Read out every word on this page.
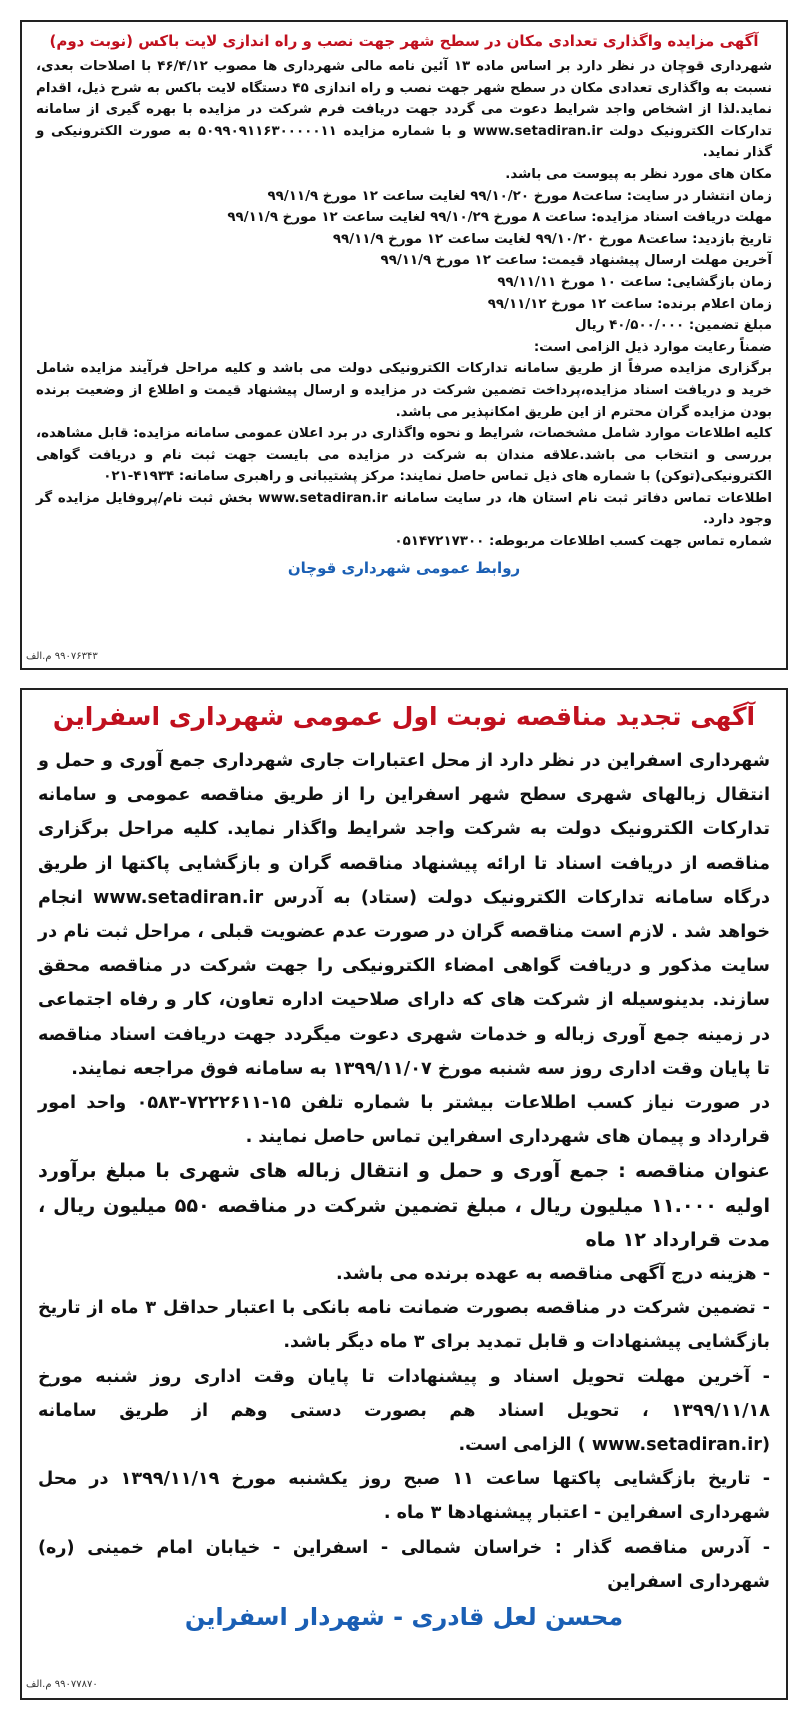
آگهی مزایده واگذاری تعدادی مکان در سطح شهر جهت نصب و راه اندازی لایت باکس (نوبت دوم)

شهرداری قوچان در نظر دارد بر اساس ماده ۱۳ آئین نامه مالی شهرداری ها مصوب ۴۶/۴/۱۲ با اصلاحات بعدی، نسبت به واگذاری تعدادی مکان در سطح شهر جهت نصب و راه اندازی ۴۵ دستگاه لایت باکس به شرح ذیل، اقدام نماید.لذا از اشخاص واجد شرایط دعوت می گردد جهت دریافت فرم شرکت در مزایده با بهره گیری از سامانه تدارکات الکترونیک دولت www.setadiran.ir و با شماره مزایده ۵۰۹۹۰۹۱۱۶۳۰۰۰۰۰۱۱ به صورت الکترونیکی و گذار نماید.

مکان های مورد نظر به پیوست می باشد.

زمان انتشار در سایت: ساعت۸ مورخ ۹۹/۱۰/۲۰ لغایت ساعت ۱۲ مورخ ۹۹/۱۱/۹

مهلت دریافت اسناد مزایده: ساعت ۸ مورخ ۹۹/۱۰/۲۹ لغایت ساعت ۱۲ مورخ ۹۹/۱۱/۹

تاریخ بازدید: ساعت۸ مورخ ۹۹/۱۰/۲۰ لغایت ساعت ۱۲ مورخ ۹۹/۱۱/۹

آخرین مهلت ارسال پیشنهاد قیمت: ساعت ۱۲ مورخ ۹۹/۱۱/۹

زمان بازگشایی: ساعت ۱۰ مورخ ۹۹/۱۱/۱۱

زمان اعلام برنده: ساعت ۱۲ مورخ ۹۹/۱۱/۱۲

مبلغ تضمین: ۴۰/۵۰۰/۰۰۰ ریال

ضمناً رعایت موارد ذیل الزامی است:

برگزاری مزایده صرفاً از طریق سامانه تدارکات الکترونیکی دولت می باشد و کلیه مراحل فرآیند مزایده شامل خرید و دریافت اسناد مزایده،پرداخت تضمین شرکت در مزایده و ارسال پیشنهاد قیمت و اطلاع از وضعیت برنده بودن مزایده گران محترم از این طریق امکانپذیر می باشد.

کلیه اطلاعات موارد شامل مشخصات، شرایط و نحوه واگذاری در برد اعلان عمومی سامانه مزایده: قابل مشاهده، بررسی و انتخاب می باشد.علاقه مندان به شرکت در مزایده می بایست جهت ثبت نام و دریافت گواهی الکترونیکی(توکن) با شماره های ذیل تماس حاصل نمایند: مرکز پشتیبانی و راهبری سامانه: ۴۱۹۳۴-۰۲۱

اطلاعات تماس دفاتر ثبت نام استان ها، در سایت سامانه www.setadiran.ir بخش ثبت نام/پروفایل مزایده گر وجود دارد.

شماره تماس جهت کسب اطلاعات مربوطه: ۰۵۱۴۷۲۱۷۳۰۰

روابط عمومی شهرداری قوچان
۹۹۰۷۶۳۴۳ م.الف
آگهی تجدید مناقصه نوبت اول عمومی شهرداری اسفراین

شهرداری اسفراین در نظر دارد از محل اعتبارات جاری شهرداری جمع آوری و حمل و انتقال زبالهای شهری سطح شهر اسفراین را از طریق مناقصه عمومی و سامانه تدارکات الکترونیک دولت به شرکت واجد شرایط واگذار نماید. کلیه مراحل برگزاری مناقصه از دریافت اسناد تا ارائه پیشنهاد مناقصه گران و بازگشایی پاکتها از طریق درگاه سامانه تدارکات الکترونیک دولت (ستاد) به آدرس www.setadiran.ir انجام خواهد شد . لازم است مناقصه گران در صورت عدم عضویت قبلی ، مراحل ثبت نام در سایت مذکور و دریافت گواهی امضاء الکترونیکی را جهت شرکت در مناقصه محقق سازند. بدینوسیله از شرکت های که دارای صلاحیت اداره تعاون، کار و رفاه اجتماعی در زمینه جمع آوری زباله و خدمات شهری دعوت میگردد جهت دریافت اسناد مناقصه تا پایان وقت اداری روز سه شنبه مورخ ۱۳۹۹/۱۱/۰۷ به سامانه فوق مراجعه نمایند.

در صورت نیاز کسب اطلاعات بیشتر با شماره تلفن ۱۵-۷۲۲۲۶۱۱-۰۵۸۳ واحد امور قرارداد و پیمان های شهرداری اسفراین تماس حاصل نمایند .

عنوان مناقصه : جمع آوری و حمل و انتقال زباله های شهری با مبلغ برآورد اولیه ۱۱.۰۰۰ میلیون ریال ، مبلغ تضمین شرکت در مناقصه ۵۵۰ میلیون ریال ، مدت قرارداد ۱۲ ماه

- هزینه درج آگهی مناقصه به عهده برنده می باشد.

- تضمین شرکت در مناقصه بصورت ضمانت نامه بانکی با اعتبار حداقل ۳ ماه از تاریخ بازگشایی پیشنهادات و قابل تمدید برای ۳ ماه دیگر باشد.

- آخرین مهلت تحویل اسناد و پیشنهادات تا پایان وقت اداری روز شنبه مورخ ۱۳۹۹/۱۱/۱۸ ، تحویل اسناد هم بصورت دستی وهم از طریق سامانه (www.setadiran.ir ) الزامی است.

- تاریخ بازگشایی پاکتها ساعت ۱۱ صبح روز یکشنبه مورخ ۱۳۹۹/۱۱/۱۹ در محل شهرداری اسفراین - اعتبار پیشنهادها ۳ ماه .

- آدرس مناقصه گذار : خراسان شمالی - اسفراین - خیابان امام خمینی (ره) شهرداری اسفراین

محسن لعل قادری - شهردار اسفراین
۹۹۰۷۷۸۷۰ م.الف
